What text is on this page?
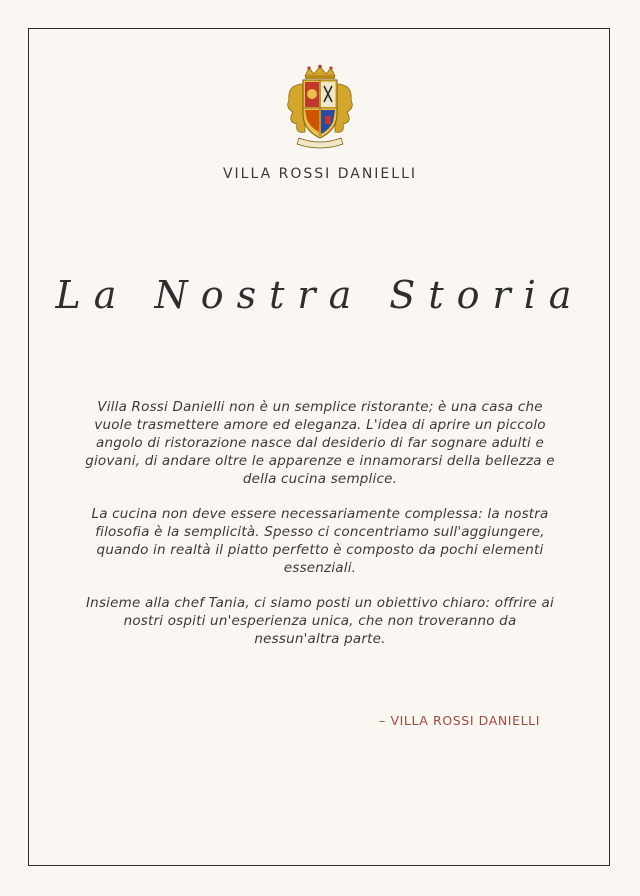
VILLA ROSSI DANIELLI
La Nostra Storia

Villa Rossi Danielli non è un semplice ristorante; è una casa che vuole trasmettere amore ed eleganza. L'idea di aprire un piccolo angolo di ristorazione nasce dal desiderio di far sognare adulti e giovani, di andare oltre le apparenze e innamorarsi della bellezza e della cucina semplice.

La cucina non deve essere necessariamente complessa: la nostra filosofia è la semplicità. Spesso ci concentriamo sull'aggiungere, quando in realtà il piatto perfetto è composto da pochi elementi essenziali.

Insieme alla chef Tania, ci siamo posti un obiettivo chiaro: offrire ai nostri ospiti un'esperienza unica, che non troveranno da nessun'altra parte.

– VILLA ROSSI DANIELLI
